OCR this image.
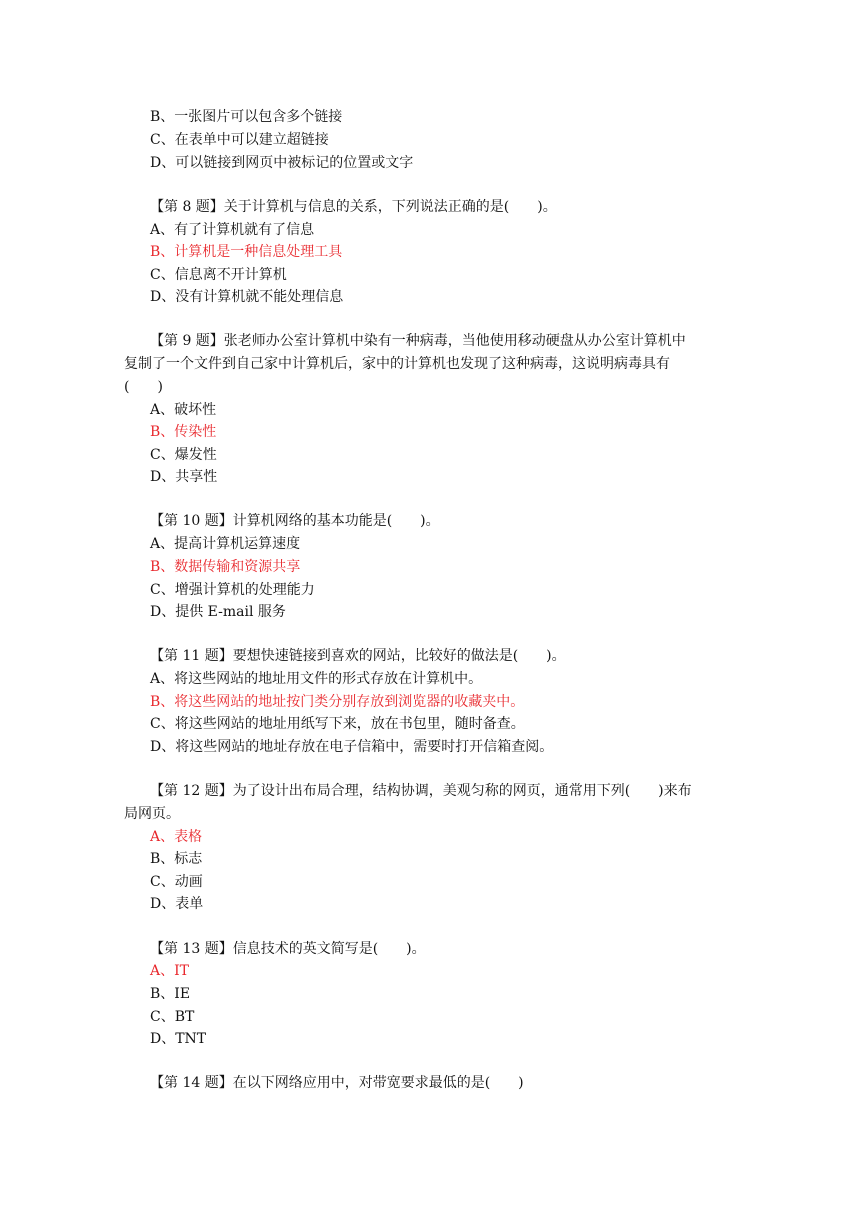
B、一张图片可以包含多个链接
C、在表单中可以建立超链接
D、可以链接到网页中被标记的位置或文字
【第 8 题】关于计算机与信息的关系，下列说法正确的是(　　)。
A、有了计算机就有了信息
B、计算机是一种信息处理工具
C、信息离不开计算机
D、没有计算机就不能处理信息
【第 9 题】张老师办公室计算机中染有一种病毒，当他使用移动硬盘从办公室计算机中
复制了一个文件到自己家中计算机后，家中的计算机也发现了这种病毒，这说明病毒具有
(　　)
A、破坏性
B、传染性
C、爆发性
D、共享性
【第 10 题】计算机网络的基本功能是(　　)。
A、提高计算机运算速度
B、数据传输和资源共享
C、增强计算机的处理能力
D、提供 E-mail 服务
【第 11 题】要想快速链接到喜欢的网站，比较好的做法是(　　)。
A、将这些网站的地址用文件的形式存放在计算机中。
B、将这些网站的地址按门类分别存放到浏览器的收藏夹中。
C、将这些网站的地址用纸写下来，放在书包里，随时备查。
D、将这些网站的地址存放在电子信箱中，需要时打开信箱查阅。
【第 12 题】为了设计出布局合理，结构协调，美观匀称的网页，通常用下列(　　)来布
局网页。
A、表格
B、标志
C、动画
D、表单
【第 13 题】信息技术的英文简写是(　　)。
A、IT
B、IE
C、BT
D、TNT
【第 14 题】在以下网络应用中，对带宽要求最低的是(　　)
